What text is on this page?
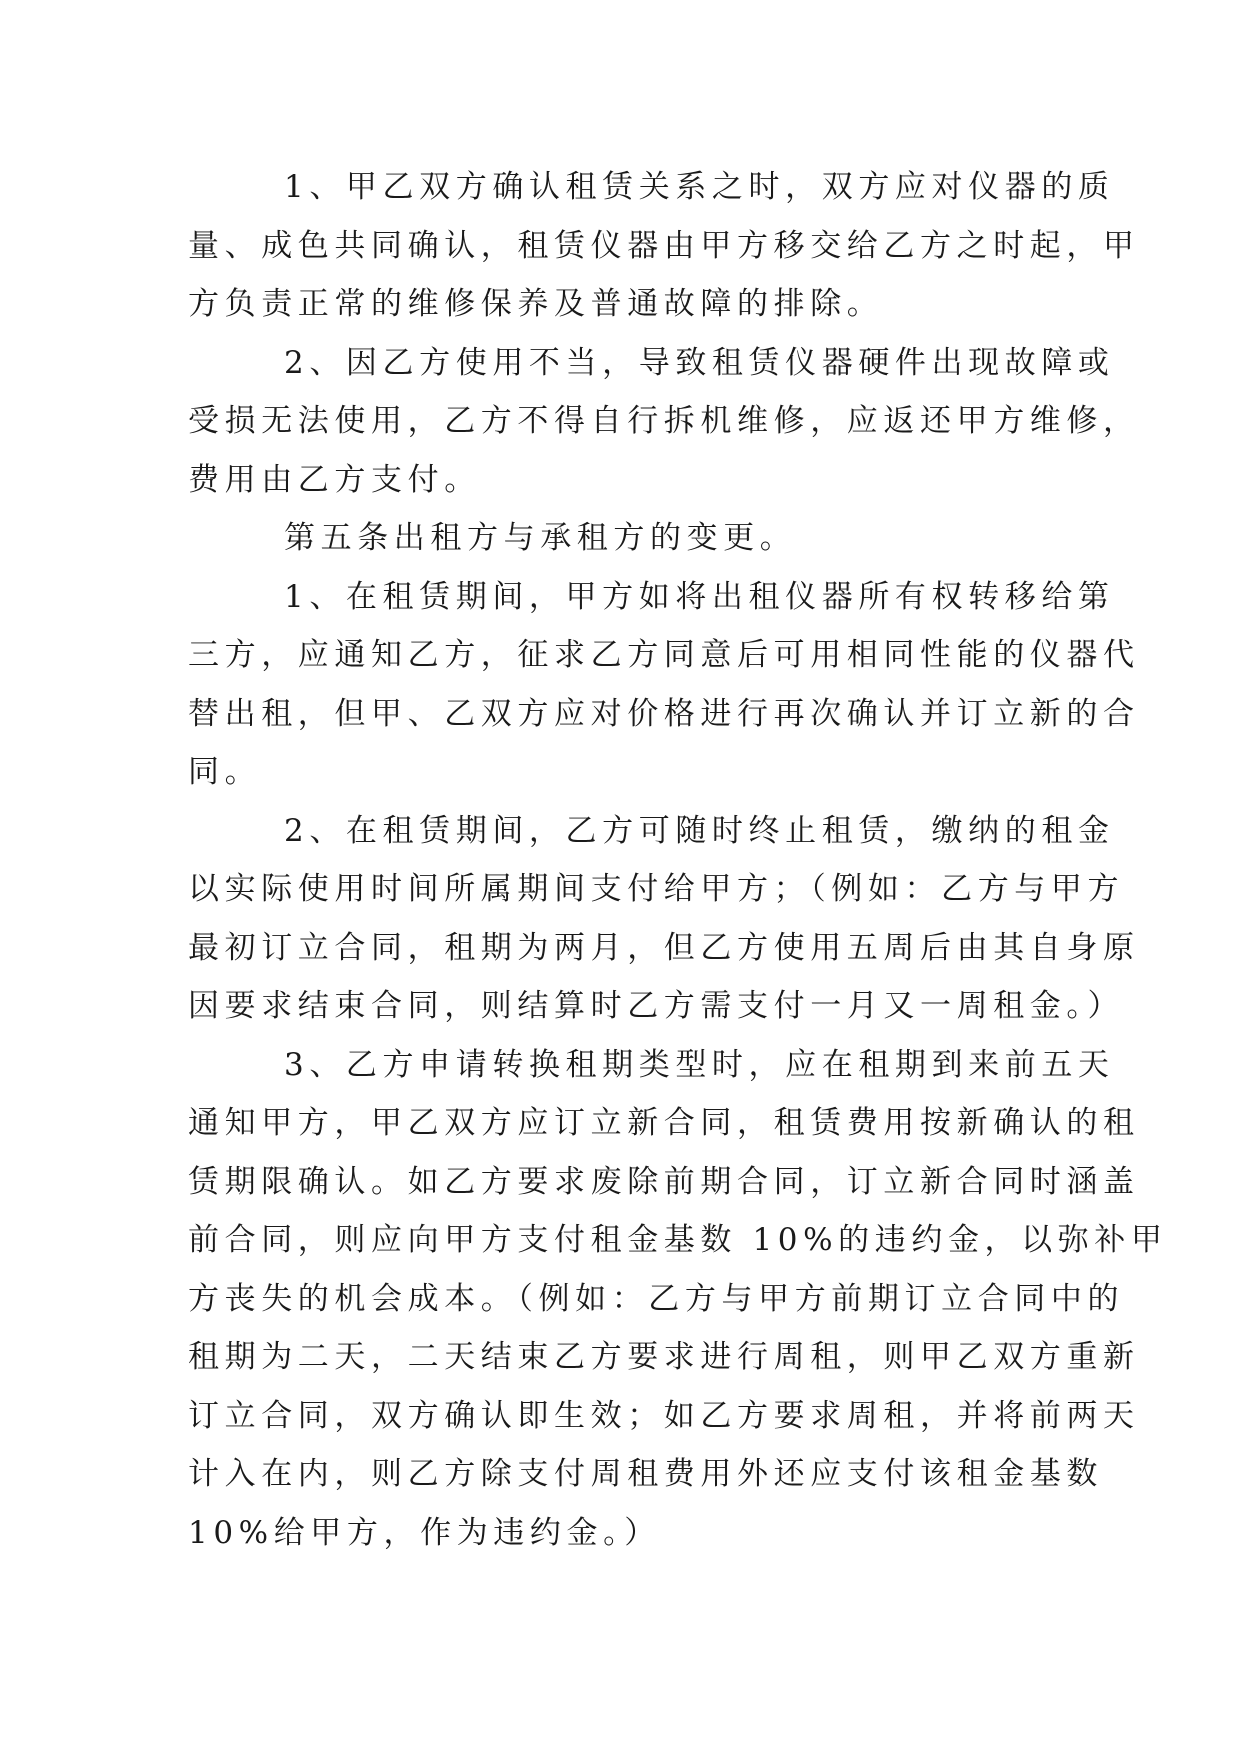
1、甲乙双方确认租赁关系之时，双方应对仪器的质
量、成色共同确认，租赁仪器由甲方移交给乙方之时起，甲
方负责正常的维修保养及普通故障的排除。

2、因乙方使用不当，导致租赁仪器硬件出现故障或
受损无法使用，乙方不得自行拆机维修，应返还甲方维修，
费用由乙方支付。

第五条出租方与承租方的变更。

1、在租赁期间，甲方如将出租仪器所有权转移给第
三方，应通知乙方，征求乙方同意后可用相同性能的仪器代
替出租，但甲、乙双方应对价格进行再次确认并订立新的合
同。

2、在租赁期间，乙方可随时终止租赁，缴纳的租金
以实际使用时间所属期间支付给甲方；（例如：乙方与甲方
最初订立合同，租期为两月，但乙方使用五周后由其自身原
因要求结束合同，则结算时乙方需支付一月又一周租金。）

3、乙方申请转换租期类型时，应在租期到来前五天
通知甲方，甲乙双方应订立新合同，租赁费用按新确认的租
赁期限确认。如乙方要求废除前期合同，订立新合同时涵盖
前合同，则应向甲方支付租金基数 10%的违约金，以弥补甲
方丧失的机会成本。（例如：乙方与甲方前期订立合同中的
租期为二天，二天结束乙方要求进行周租，则甲乙双方重新
订立合同，双方确认即生效；如乙方要求周租，并将前两天
计入在内，则乙方除支付周租费用外还应支付该租金基数
10%给甲方，作为违约金。）
